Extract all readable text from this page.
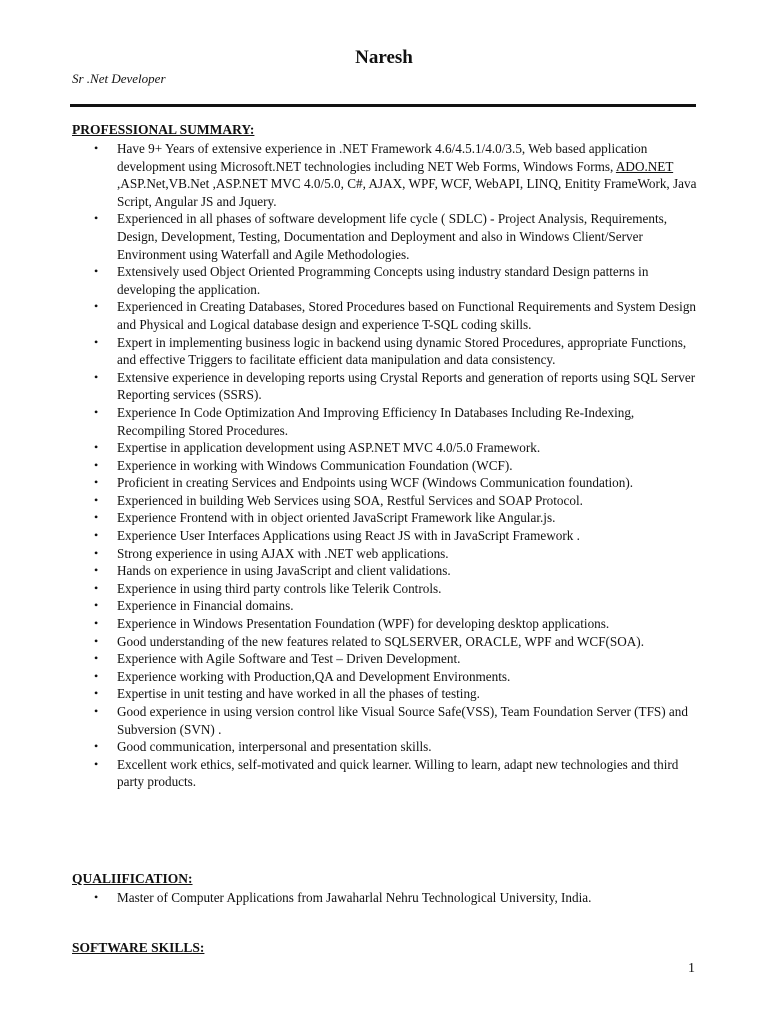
Naresh
Sr .Net Developer
PROFESSIONAL SUMMARY:
• Have 9+ Years of extensive experience in .NET Framework 4.6/4.5.1/4.0/3.5, Web based application development using Microsoft.NET technologies including NET Web Forms, Windows Forms, ADO.NET ,ASP.Net,VB.Net ,ASP.NET MVC 4.0/5.0, C#, AJAX, WPF, WCF, WebAPI, LINQ, Enitity FrameWork, Java Script, Angular JS and Jquery.
• Experienced in all phases of software development life cycle ( SDLC) - Project Analysis, Requirements, Design, Development, Testing, Documentation and Deployment and also in Windows Client/Server Environment using Waterfall and Agile Methodologies.
• Extensively used Object Oriented Programming Concepts using industry standard Design patterns in developing the application.
• Experienced in Creating Databases, Stored Procedures based on Functional Requirements and System Design and Physical and Logical database design and experience T-SQL coding skills.
• Expert in implementing business logic in backend using dynamic Stored Procedures, appropriate Functions, and effective Triggers to facilitate efficient data manipulation and data consistency.
• Extensive experience in developing reports using Crystal Reports and generation of reports using SQL Server Reporting services (SSRS).
• Experience In Code Optimization And Improving Efficiency In Databases Including Re-Indexing, Recompiling Stored Procedures.
• Expertise in application development using ASP.NET MVC 4.0/5.0 Framework.
• Experience in working with Windows Communication Foundation (WCF).
• Proficient in creating Services and Endpoints using WCF (Windows Communication foundation).
• Experienced in building Web Services using SOA, Restful Services and SOAP Protocol.
• Experience Frontend with in object oriented JavaScript Framework like Angular.js.
• Experience User Interfaces Applications using React JS with in JavaScript Framework .
• Strong experience in using AJAX with .NET web applications.
• Hands on experience in using JavaScript and client validations.
• Experience in using third party controls like Telerik Controls.
• Experience in Financial domains.
• Experience in Windows Presentation Foundation (WPF) for developing desktop applications.
• Good understanding of the new features related to SQLSERVER, ORACLE, WPF and WCF(SOA).
• Experience with Agile Software and Test – Driven Development.
• Experience working with Production,QA and Development Environments.
• Expertise in unit testing and have worked in all the phases of testing.
• Good experience in using version control like Visual Source Safe(VSS), Team Foundation Server (TFS) and Subversion (SVN) .
• Good communication, interpersonal and presentation skills.
• Excellent work ethics, self-motivated and quick learner. Willing to learn, adapt new technologies and third party products.
QUALIIFICATION:
• Master of Computer Applications from Jawaharlal Nehru Technological University, India.
SOFTWARE SKILLS:
1
